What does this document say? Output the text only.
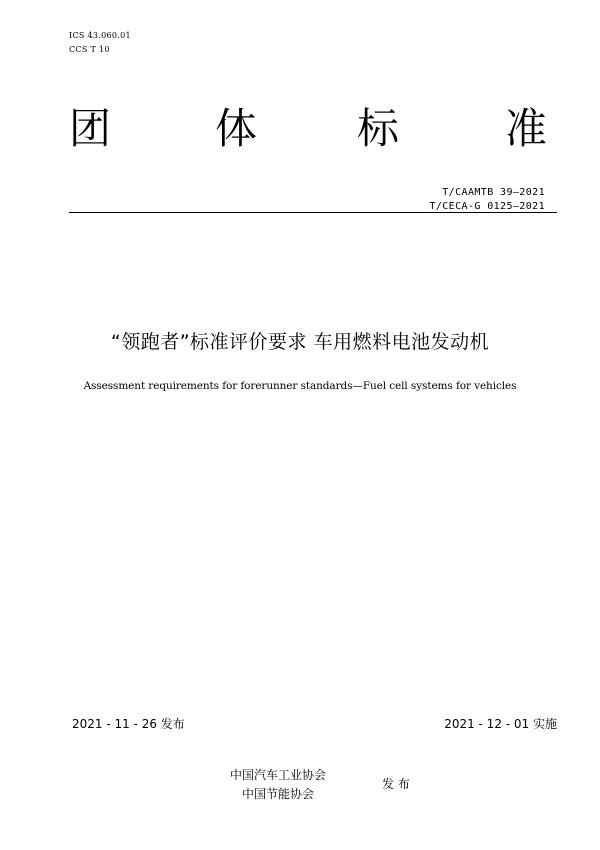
ICS 43.060.01
CCS T 10
团 体 标	准
T/CAAMTB 39—2021
T/CECA-G 0125—2021
“领跑者”标准评价要求 车用燃料电池发动机
Assessment requirements for forerunner standards—Fuel cell systems for vehicles
2021 - 11 - 26 发布	2021 - 12 - 01 实施
中国汽车工业协会
中国节能协会
发 布
